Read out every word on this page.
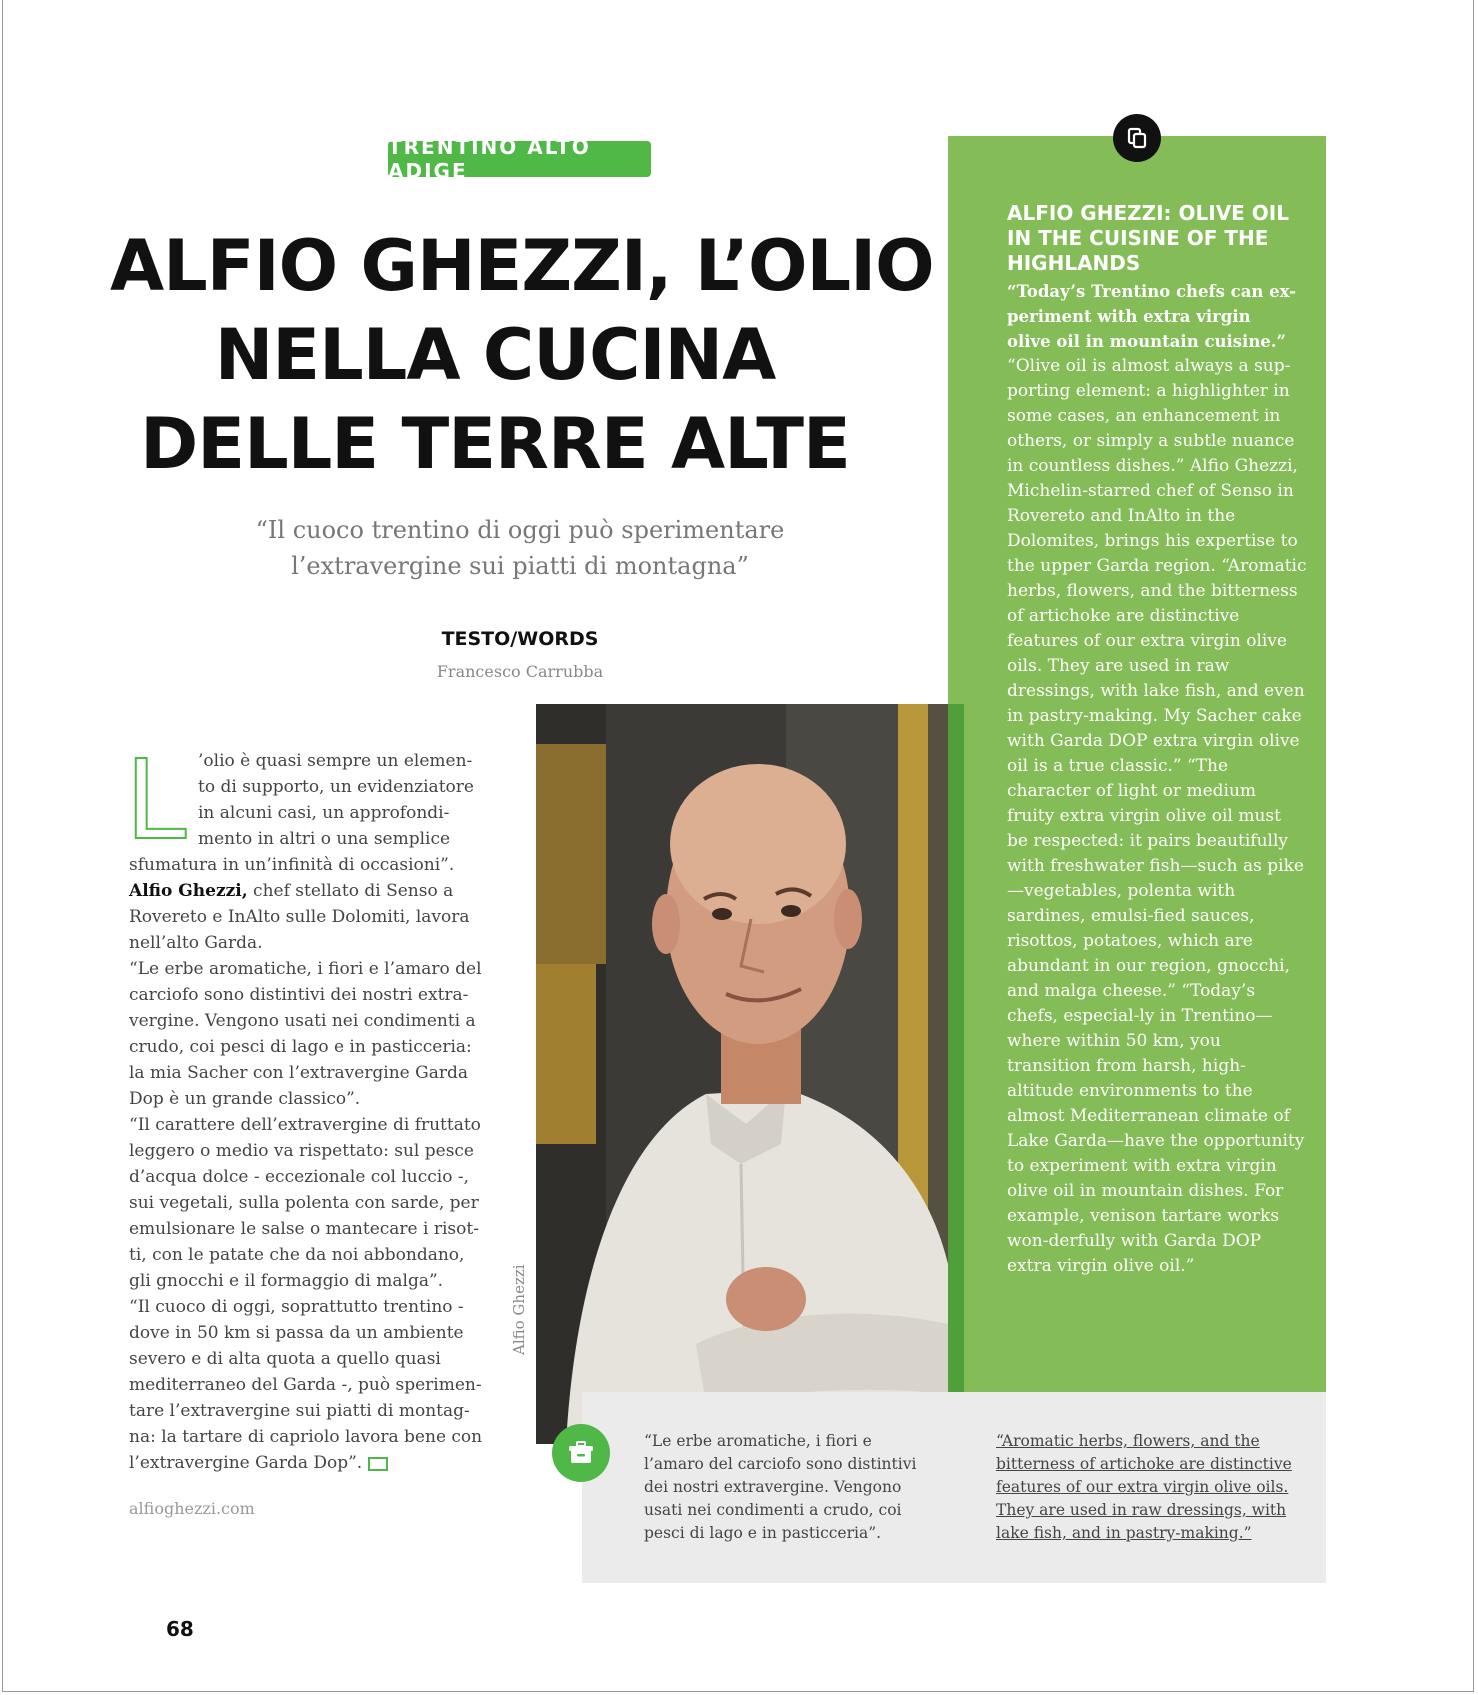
TRENTINO ALTO ADIGE
ALFIO GHEZZI, L’OLIO
NELLA CUCINA
DELLE TERRE ALTE
“Il cuoco trentino di oggi può sperimentare
l’extravergine sui piatti di montagna”
TESTO/WORDS
Francesco Carrubba
L ’olio è quasi sempre un elemen-
to di supporto, un evidenziatore
in alcuni casi, un approfondi-
mento in altri o una semplice
sfumatura in un’infinità di occasioni”.
Alfio Ghezzi, chef stellato di Senso a Rovereto e InAlto sulle Dolomiti, lavora nell’alto Garda.
“Le erbe aromatiche, i fiori e l’amaro del carciofo sono distintivi dei nostri extra-vergine. Vengono usati nei condimenti a crudo, coi pesci di lago e in pasticceria: la mia Sacher con l’extravergine Garda Dop è un grande classico”.
“Il carattere dell’extravergine di fruttato leggero o medio va rispettato: sul pesce d’acqua dolce - eccezionale col luccio -, sui vegetali, sulla polenta con sarde, per emulsionare le salse o mantecare i risot-ti, con le patate che da noi abbondano, gli gnocchi e il formaggio di malga”.
“Il cuoco di oggi, soprattutto trentino - dove in 50 km si passa da un ambiente severo e di alta quota a quello quasi mediterraneo del Garda -, può sperimen-tare l’extravergine sui piatti di montag-na: la tartare di capriolo lavora bene con l’extravergine Garda Dop”.
alfioghezzi.com
Alfio Ghezzi
ALFIO GHEZZI: OLIVE OIL IN THE CUISINE OF THE HIGHLANDS
“Today’s Trentino chefs can ex-periment with extra virgin olive oil in mountain cuisine.”
“Olive oil is almost always a sup-porting element: a highlighter in some cases, an enhancement in others, or simply a subtle nuance in countless dishes.” Alfio Ghezzi, Michelin-starred chef of Senso in Rovereto and InAlto in the Dolomites, brings his expertise to the upper Garda region. “Aromatic herbs, flowers, and the bitterness of artichoke are distinctive features of our extra virgin olive oils. They are used in raw dressings, with lake fish, and even in pastry-making. My Sacher cake with Garda DOP extra virgin olive oil is a true classic.” “The character of light or medium fruity extra virgin olive oil must be respected: it pairs beautifully with freshwater fish—such as pike—vegetables, polenta with sardines, emulsi-fied sauces, risottos, potatoes, which are abundant in our region, gnocchi, and malga cheese.” “Today’s chefs, especial-ly in Trentino—where within 50 km, you transition from harsh, high-altitude environments to the almost Mediterranean climate of Lake Garda—have the opportunity to experiment with extra virgin olive oil in mountain dishes. For example, venison tartare works won-derfully with Garda DOP extra virgin olive oil.”
“Le erbe aromatiche, i fiori e l’amaro del carciofo sono distintivi dei nostri extravergine. Vengono usati nei condimenti a crudo, coi pesci di lago e in pasticceria”.
“Aromatic herbs, flowers, and the bitterness of artichoke are distinctive features of our extra virgin olive oils. They are used in raw dressings, with lake fish, and in pastry-making.”
68
